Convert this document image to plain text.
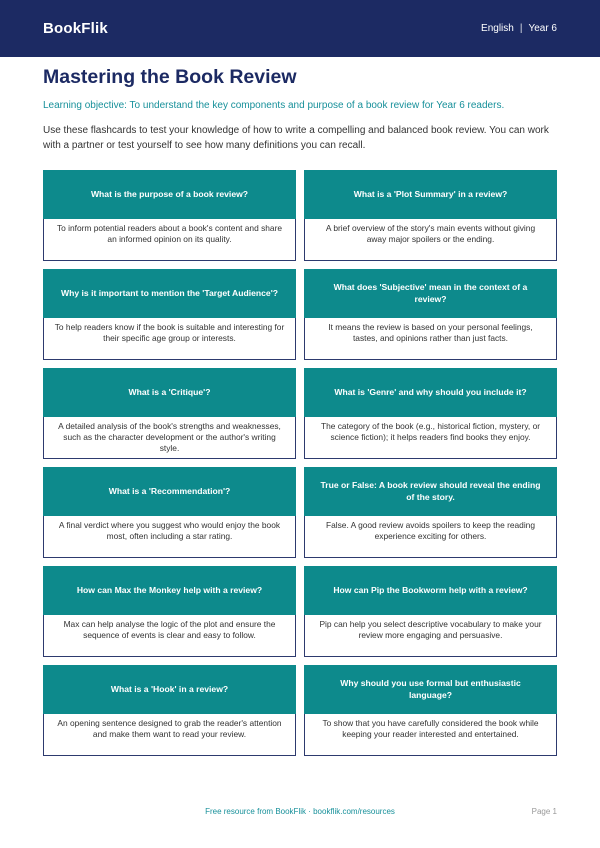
BookFlik	English | Year 6
Mastering the Book Review

Learning objective: To understand the key components and purpose of a book review for Year 6 readers.

Use these flashcards to test your knowledge of how to write a compelling and balanced book review. You can work with a partner or test yourself to see how many definitions you can recall.

What is the purpose of a book review?
To inform potential readers about a book's content and share an informed opinion on its quality.
What is a 'Plot Summary' in a review?
A brief overview of the story's main events without giving away major spoilers or the ending.
Why is it important to mention the 'Target Audience'?
To help readers know if the book is suitable and interesting for their specific age group or interests.
What does 'Subjective' mean in the context of a review?
It means the review is based on your personal feelings, tastes, and opinions rather than just facts.
What is a 'Critique'?
A detailed analysis of the book's strengths and weaknesses, such as the character development or the author's writing style.
What is 'Genre' and why should you include it?
The category of the book (e.g., historical fiction, mystery, or science fiction); it helps readers find books they enjoy.
What is a 'Recommendation'?
A final verdict where you suggest who would enjoy the book most, often including a star rating.
True or False: A book review should reveal the ending of the story.
False. A good review avoids spoilers to keep the reading experience exciting for others.
How can Max the Monkey help with a review?
Max can help analyse the logic of the plot and ensure the sequence of events is clear and easy to follow.
How can Pip the Bookworm help with a review?
Pip can help you select descriptive vocabulary to make your review more engaging and persuasive.
What is a 'Hook' in a review?
An opening sentence designed to grab the reader's attention and make them want to read your review.
Why should you use formal but enthusiastic language?
To show that you have carefully considered the book while keeping your reader interested and entertained.
Free resource from BookFlik · bookflik.com/resources	Page 1
